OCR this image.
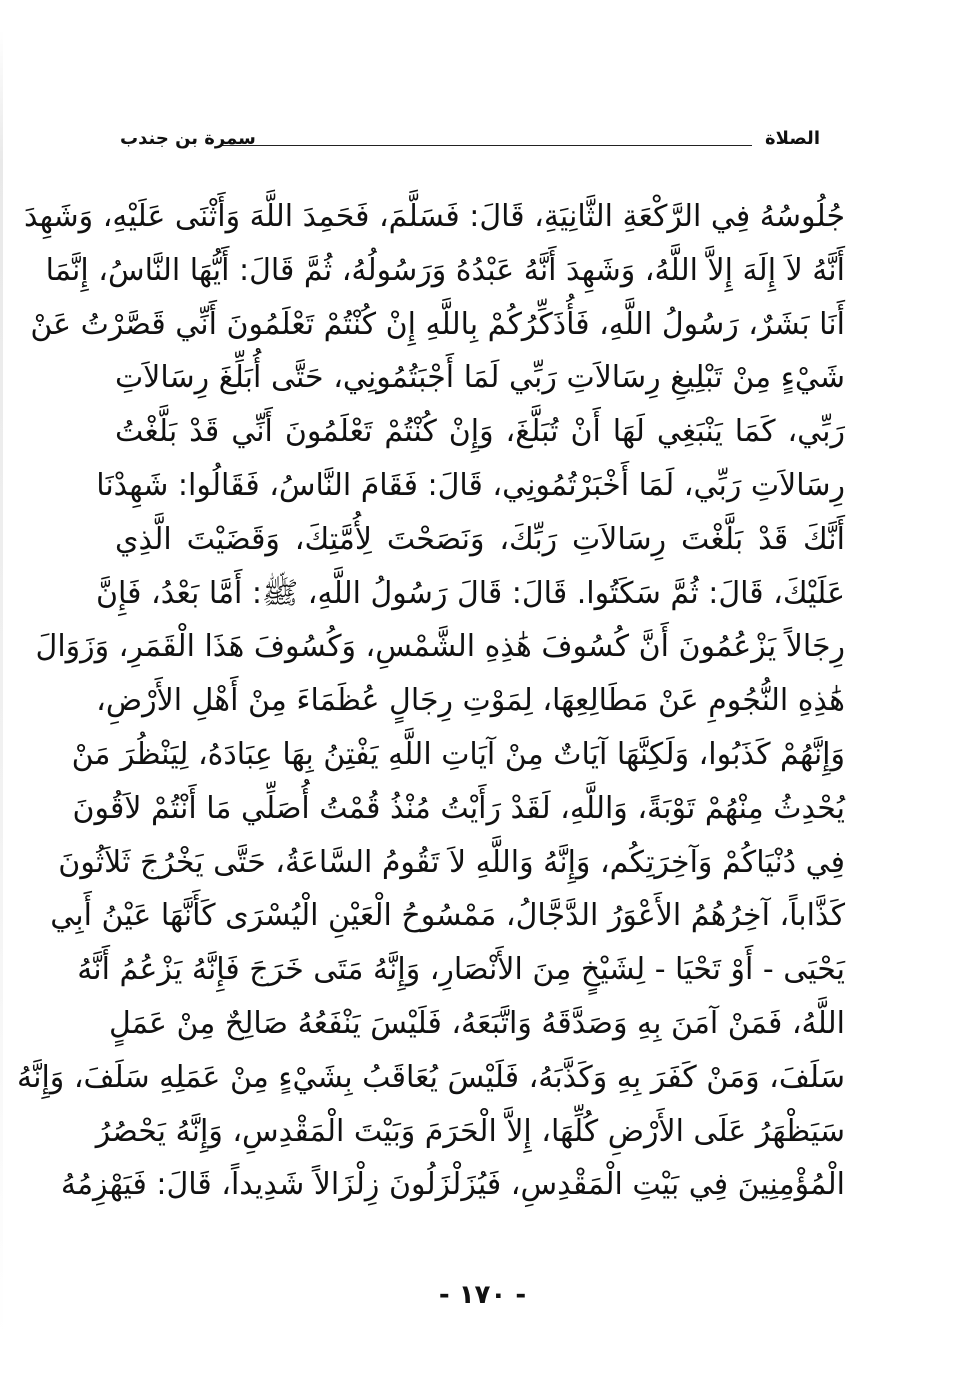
الصلاة
سمرة بن جندب
جُلُوسُهُ فِي الرَّكْعَةِ الثَّانِيَةِ، قَالَ: فَسَلَّمَ، فَحَمِدَ اللَّهَ وَأَثْنَى عَلَيْهِ، وَشَهِدَ
أَنَّهُ لاَ إِلَهَ إِلاَّ اللَّهُ، وَشَهِدَ أَنَّهُ عَبْدُهُ وَرَسُولُهُ، ثُمَّ قَالَ: أَيُّهَا النَّاسُ، إِنَّمَا
أَنَا بَشَرٌ، رَسُولُ اللَّهِ، فَأُذَكِّرُكُمْ بِاللَّهِ إِنْ كُنْتُمْ تَعْلَمُونَ أَنِّي قَصَّرْتُ عَنْ
شَيْءٍ مِنْ تَبْلِيغِ رِسَالاَتِ رَبِّي لَمَا أَجْبَتُمُونِي، حَتَّى أُبَلِّغَ رِسَالاَتِ
رَبِّي، كَمَا يَنْبَغِي لَهَا أَنْ تُبَلَّغَ، وَإِنْ كُنْتُمْ تَعْلَمُونَ أَنِّي قَدْ بَلَّغْتُ
رِسَالاَتِ رَبِّي، لَمَا أَخْبَرْتُمُونِي، قَالَ: فَقَامَ النَّاسُ، فَقَالُوا: شَهِدْنَا
أَنَّكَ قَدْ بَلَّغْتَ رِسَالاَتِ رَبِّكَ، وَنَصَحْتَ لِأُمَّتِكَ، وَقَضَيْتَ الَّذِي
عَلَيْكَ، قَالَ: ثُمَّ سَكَتُوا. قَالَ: قَالَ رَسُولُ اللَّهِ، ﷺ: أَمَّا بَعْدُ، فَإِنَّ
رِجَالاً يَزْعُمُونَ أَنَّ كُسُوفَ هَٰذِهِ الشَّمْسِ، وَكُسُوفَ هَذَا الْقَمَرِ، وَزَوَالَ
هَٰذِهِ النُّجُومِ عَنْ مَطَالِعِهَا، لِمَوْتِ رِجَالٍ عُظَمَاءَ مِنْ أَهْلِ الأَرْضِ،
وَإِنَّهُمْ كَذَبُوا، وَلَكِنَّهَا آيَاتٌ مِنْ آيَاتِ اللَّهِ يَفْتِنُ بِهَا عِبَادَهُ، لِيَنْظُرَ مَنْ
يُحْدِثُ مِنْهُمْ تَوْبَةً، وَاللَّهِ، لَقَدْ رَأَيْتُ مُنْذُ قُمْتُ أُصَلِّي مَا أَنْتُمْ لاَقُونَ
فِي دُنْيَاكُمْ وَآخِرَتِكُم، وَإِنَّهُ وَاللَّهِ لاَ تَقُومُ السَّاعَةُ، حَتَّى يَخْرُجَ ثَلاَثُونَ
كَذَّاباً، آخِرُهُمُ الأَعْوَرُ الدَّجَّالُ، مَمْسُوحُ الْعَيْنِ الْيُسْرَى كَأَنَّهَا عَيْنُ أَبِي
يَحْيَى - أَوْ تَحْيَا - لِشَيْخٍ مِنَ الأَنْصَارِ، وَإِنَّهُ مَتَى خَرَجَ فَإِنَّهُ يَزْعُمُ أَنَّهُ
اللَّهُ، فَمَنْ آمَنَ بِهِ وَصَدَّقَهُ وَاتَّبَعَهُ، فَلَيْسَ يَنْفَعُهُ صَالِحٌ مِنْ عَمَلٍ
سَلَفَ، وَمَنْ كَفَرَ بِهِ وَكَذَّبَهُ، فَلَيْسَ يُعَاقَبُ بِشَيْءٍ مِنْ عَمَلِهِ سَلَفَ، وَإِنَّهُ
سَيَظْهَرُ عَلَى الأَرْضِ كُلِّهَا، إِلاَّ الْحَرَمَ وَبَيْتَ الْمَقْدِسِ، وَإِنَّهُ يَحْصُرُ
الْمُؤْمِنِينَ فِي بَيْتِ الْمَقْدِسِ، فَيُزَلْزَلُونَ زِلْزَالاً شَدِيداً، قَالَ: فَيَهْزِمُهُ
- ١٧٠ -
